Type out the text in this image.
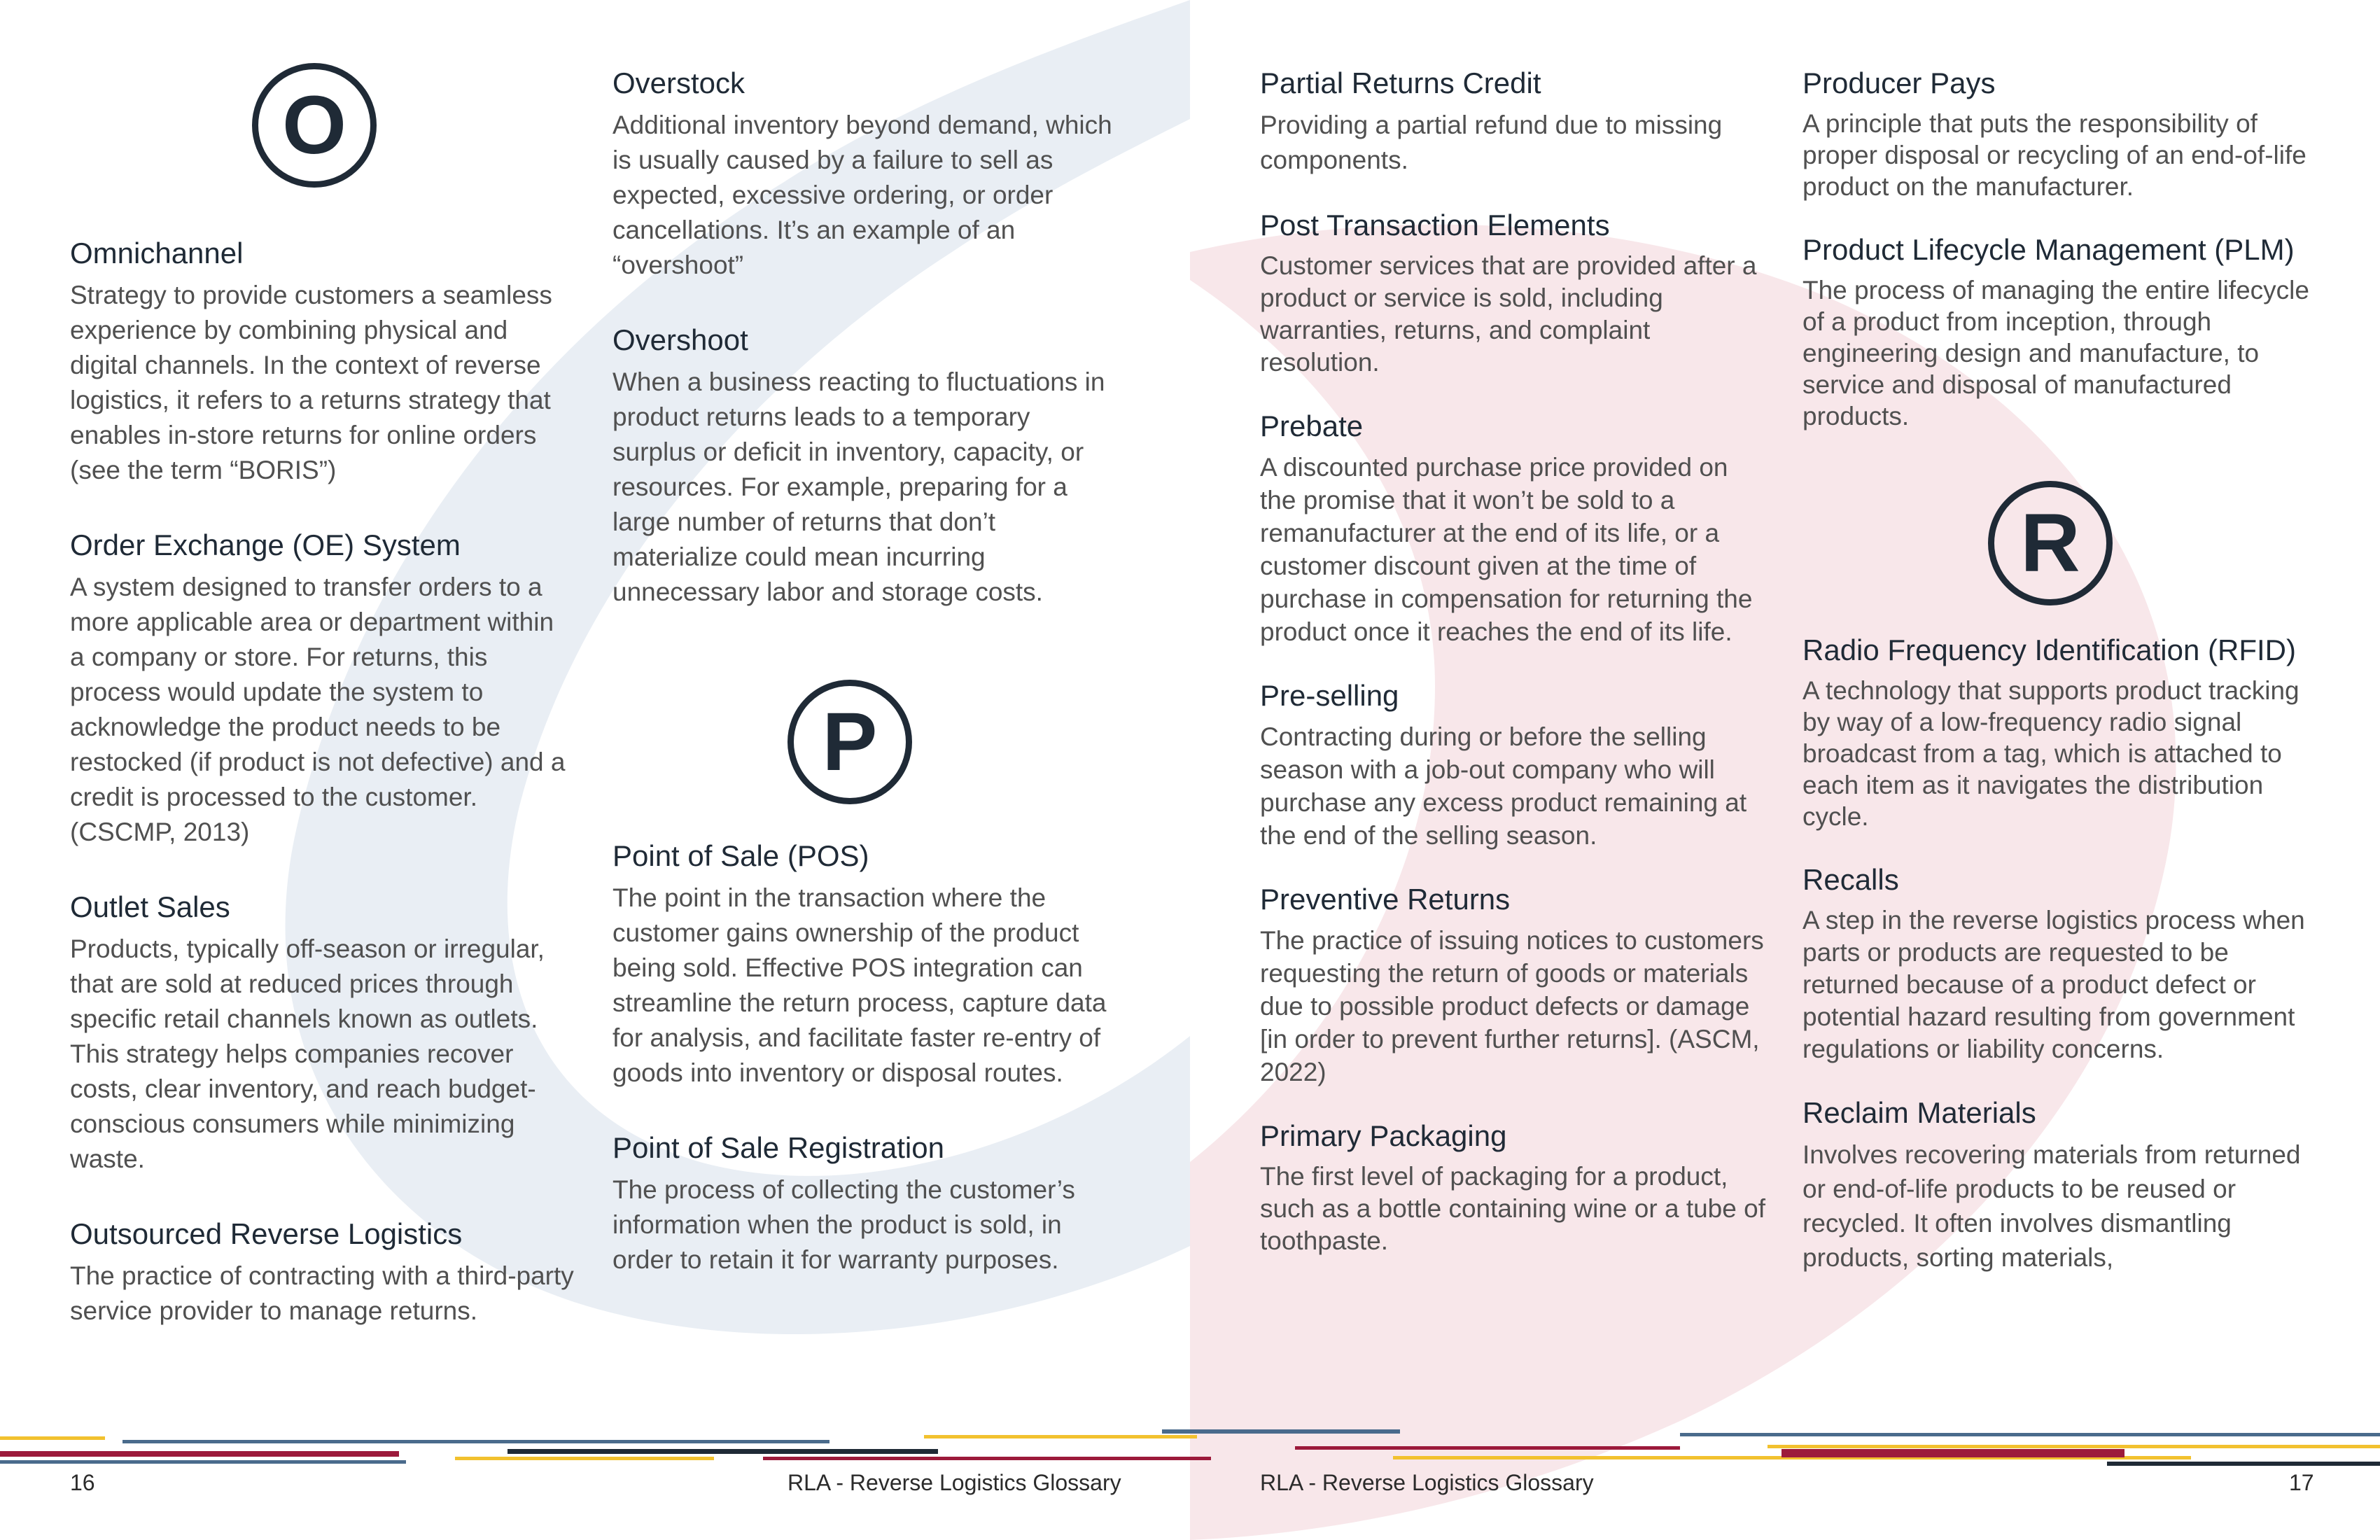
O
Omnichannel

Strategy to provide customers a seamless experience by combining physical and digital channels. In the context of reverse logistics, it refers to a returns strategy that enables in-store returns for online orders (see the term “BORIS”)

Order Exchange (OE) System

A system designed to transfer orders to a more applicable area or department within a company or store. For returns, this process would update the system to acknowledge the product needs to be restocked (if product is not defective) and a credit is processed to the customer. (CSCMP, 2013)

Outlet Sales

Products, typically off-season or irregular, that are sold at reduced prices through specific retail channels known as outlets. This strategy helps companies recover costs, clear inventory, and reach budget-conscious consumers while minimizing waste.

Outsourced Reverse Logistics

The practice of contracting with a third-party service provider to manage returns.

Overstock

Additional inventory beyond demand, which is usually caused by a failure to sell as expected, excessive ordering, or order cancellations. It’s an example of an “overshoot”

Overshoot

When a business reacting to fluctuations in product returns leads to a temporary surplus or deficit in inventory, capacity, or resources. For example, preparing for a large number of returns that don’t materialize could mean incurring unnecessary labor and storage costs.

P
Point of Sale (POS)

The point in the transaction where the customer gains ownership of the product being sold. Effective POS integration can streamline the return process, capture data for analysis, and facilitate faster re-entry of goods into inventory or disposal routes.

Point of Sale Registration

The process of collecting the customer’s information when the product is sold, in order to retain it for warranty purposes.

Partial Returns Credit

Providing a partial refund due to missing components.

Post Transaction Elements

Customer services that are provided after a product or service is sold, including warranties, returns, and complaint resolution.

Prebate

A discounted purchase price provided on the promise that it won’t be sold to a remanufacturer at the end of its life, or a customer discount given at the time of purchase in compensation for returning the product once it reaches the end of its life.

Pre-selling

Contracting during or before the selling season with a job-out company who will purchase any excess product remaining at the end of the selling season.

Preventive Returns

The practice of issuing notices to customers requesting the return of goods or materials due to possible product defects or damage [in order to prevent further returns]. (ASCM, 2022)

Primary Packaging

The first level of packaging for a product, such as a bottle containing wine or a tube of toothpaste.

Producer Pays

A principle that puts the responsibility of proper disposal or recycling of an end-of-life product on the manufacturer.

Product Lifecycle Management (PLM)

The process of managing the entire lifecycle of a product from inception, through engineering design and manufacture, to service and disposal of manufactured products.

R
Radio Frequency Identification (RFID)

A technology that supports product tracking by way of a low-frequency radio signal broadcast from a tag, which is attached to each item as it navigates the distribution cycle.

Recalls

A step in the reverse logistics process when parts or products are requested to be returned because of a product defect or potential hazard resulting from government regulations or liability concerns.

Reclaim Materials

Involves recovering materials from returned or end-of-life products to be reused or recycled. It often involves dismantling products, sorting materials,

16	RLA - Reverse Logistics Glossary	RLA - Reverse Logistics Glossary	17
